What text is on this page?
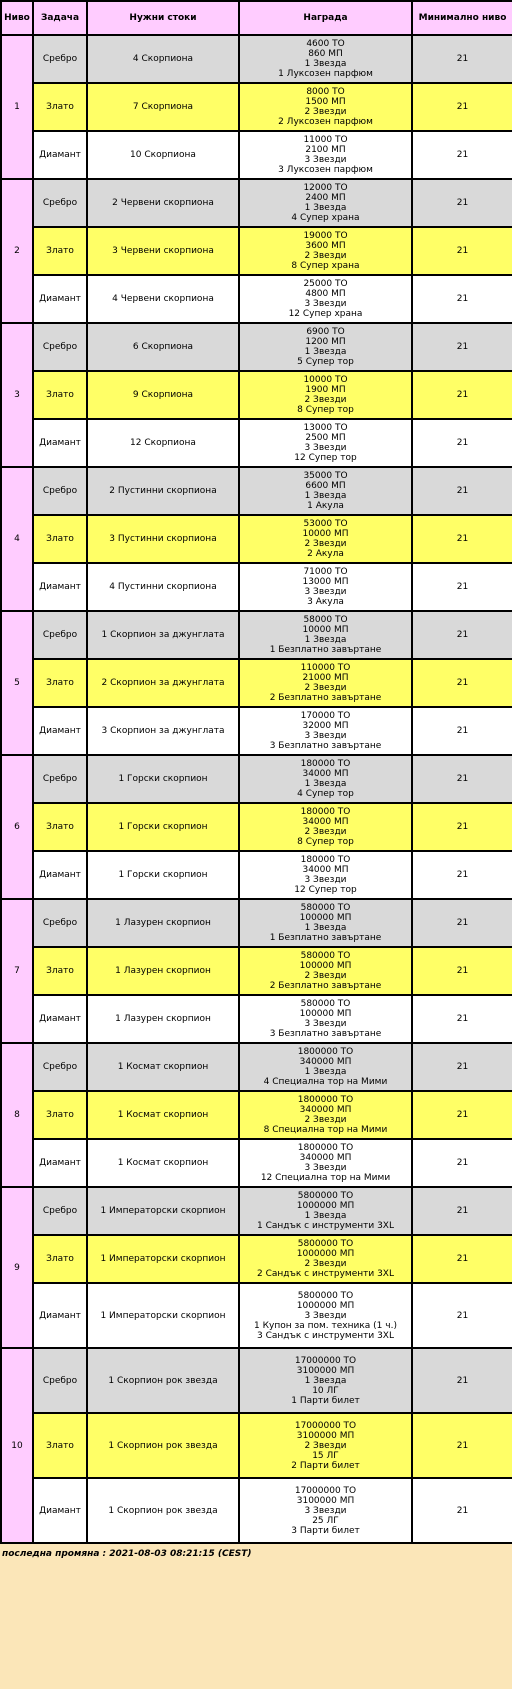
Ниво	Задача	Нужни стоки	Награда	Минимално ниво
1	Сребро	4 Скорпиона	4600 ТО
860 МП
1 Звезда
1 Луксозен парфюм	21
	Злато	7 Скорпиона	8000 ТО
1500 МП
2 Звезди
2 Луксозен парфюм	21
	Диамант	10 Скорпиона	11000 ТО
2100 МП
3 Звезди
3 Луксозен парфюм	21
2	Сребро	2 Червени скорпиона	12000 ТО
2400 МП
1 Звезда
4 Супер храна	21
	Злато	3 Червени скорпиона	19000 ТО
3600 МП
2 Звезди
8 Супер храна	21
	Диамант	4 Червени скорпиона	25000 ТО
4800 МП
3 Звезди
12 Супер храна	21
3	Сребро	6 Скорпиона	6900 ТО
1200 МП
1 Звезда
5 Супер тор	21
	Злато	9 Скорпиона	10000 ТО
1900 МП
2 Звезди
8 Супер тор	21
	Диамант	12 Скорпиона	13000 ТО
2500 МП
3 Звезди
12 Супер тор	21
4	Сребро	2 Пустинни скорпиона	35000 ТО
6600 МП
1 Звезда
1 Акула	21
	Злато	3 Пустинни скорпиона	53000 ТО
10000 МП
2 Звезди
2 Акула	21
	Диамант	4 Пустинни скорпиона	71000 ТО
13000 МП
3 Звезди
3 Акула	21
5	Сребро	1 Скорпион за джунглата	58000 ТО
10000 МП
1 Звезда
1 Безплатно завъртане	21
	Злато	2 Скорпион за джунглата	110000 ТО
21000 МП
2 Звезди
2 Безплатно завъртане	21
	Диамант	3 Скорпион за джунглата	170000 ТО
32000 МП
3 Звезди
3 Безплатно завъртане	21
6	Сребро	1 Горски скорпион	180000 ТО
34000 МП
1 Звезда
4 Супер тор	21
	Злато	1 Горски скорпион	180000 ТО
34000 МП
2 Звезди
8 Супер тор	21
	Диамант	1 Горски скорпион	180000 ТО
34000 МП
3 Звезди
12 Супер тор	21
7	Сребро	1 Лазурен скорпион	580000 ТО
100000 МП
1 Звезда
1 Безплатно завъртане	21
	Злато	1 Лазурен скорпион	580000 ТО
100000 МП
2 Звезди
2 Безплатно завъртане	21
	Диамант	1 Лазурен скорпион	580000 ТО
100000 МП
3 Звезди
3 Безплатно завъртане	21
8	Сребро	1 Космат скорпион	1800000 ТО
340000 МП
1 Звезда
4 Специална тор на Мими	21
	Злато	1 Космат скорпион	1800000 ТО
340000 МП
2 Звезди
8 Специална тор на Мими	21
	Диамант	1 Космат скорпион	1800000 ТО
340000 МП
3 Звезди
12 Специална тор на Мими	21
9	Сребро	1 Императорски скорпион	5800000 ТО
1000000 МП
1 Звезда
1 Сандък с инструменти 3XL	21
	Злато	1 Императорски скорпион	5800000 ТО
1000000 МП
2 Звезди
2 Сандък с инструменти 3XL	21
	Диамант	1 Императорски скорпион	5800000 ТО
1000000 МП
3 Звезди
1 Купон за пом. техника (1 ч.)
3 Сандък с инструменти 3XL	21
10	Сребро	1 Скорпион рок звезда	17000000 ТО
3100000 МП
1 Звезда
10 ЛГ
1 Парти билет	21
	Злато	1 Скорпион рок звезда	17000000 ТО
3100000 МП
2 Звезди
15 ЛГ
2 Парти билет	21
	Диамант	1 Скорпион рок звезда	17000000 ТО
3100000 МП
3 Звезди
25 ЛГ
3 Парти билет	21
последна промяна : 2021-08-03 08:21:15 (CEST)
